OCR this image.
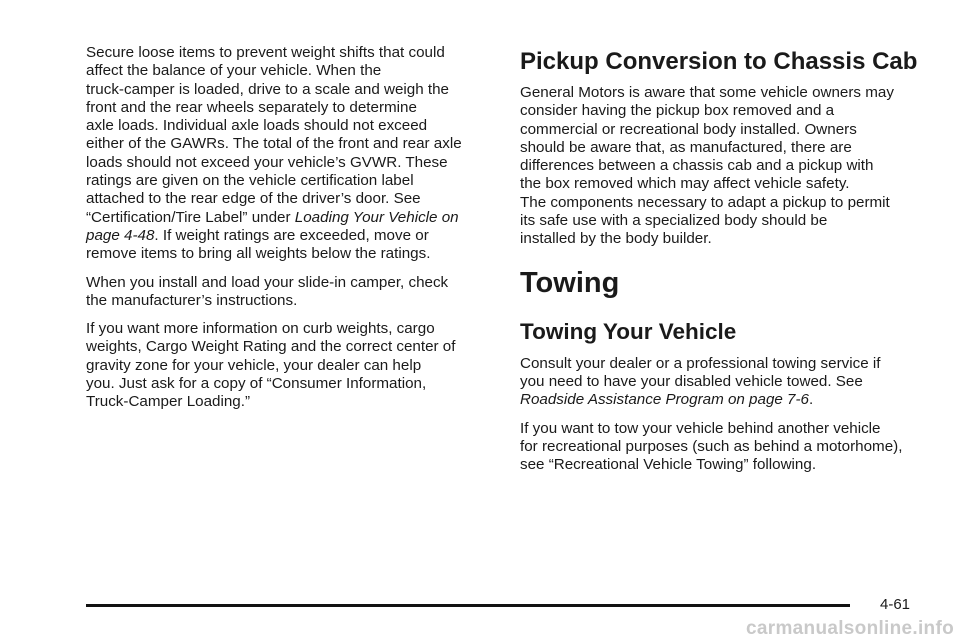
Secure loose items to prevent weight shifts that could
affect the balance of your vehicle. When the
truck-camper is loaded, drive to a scale and weigh the
front and the rear wheels separately to determine
axle loads. Individual axle loads should not exceed
either of the GAWRs. The total of the front and rear axle
loads should not exceed your vehicle’s GVWR. These
ratings are given on the vehicle certification label
attached to the rear edge of the driver’s door. See
“Certification/Tire Label” under Loading Your Vehicle on
page 4-48. If weight ratings are exceeded, move or
remove items to bring all weights below the ratings.

When you install and load your slide-in camper, check
the manufacturer’s instructions.

If you want more information on curb weights, cargo
weights, Cargo Weight Rating and the correct center of
gravity zone for your vehicle, your dealer can help
you. Just ask for a copy of “Consumer Information,
Truck-Camper Loading.”

Pickup Conversion to Chassis Cab

General Motors is aware that some vehicle owners may
consider having the pickup box removed and a
commercial or recreational body installed. Owners
should be aware that, as manufactured, there are
differences between a chassis cab and a pickup with
the box removed which may affect vehicle safety.
The components necessary to adapt a pickup to permit
its safe use with a specialized body should be
installed by the body builder.

Towing
Towing Your Vehicle

Consult your dealer or a professional towing service if
you need to have your disabled vehicle towed. See
Roadside Assistance Program on page 7-6.

If you want to tow your vehicle behind another vehicle
for recreational purposes (such as behind a motorhome),
see “Recreational Vehicle Towing” following.

4-61
carmanualsonline.info
